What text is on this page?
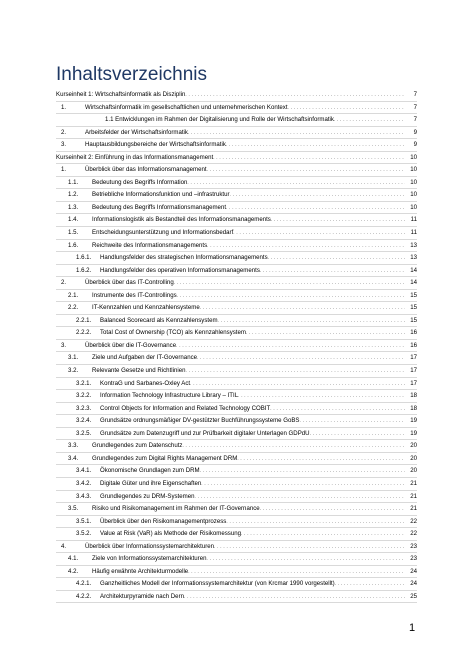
Inhaltsverzeichnis
Kurseinheit 1: Wirtschaftsinformatik als Disziplin . . .	7
1.	Wirtschaftsinformatik im gesellschaftlichen und unternehmerischen Kontext . . .	7
1.1 Entwicklungen im Rahmen der Digitalisierung und Rolle der Wirtschaftsinformatik . . .	7
2.	Arbeitsfelder der Wirtschaftsinformatik . . .	9
3.	Hauptausbildungsbereiche der Wirtschaftsinformatik . . .	9
Kurseinheit 2: Einführung in das Informationsmanagement . . .	10
1.	Überblick über das Informationsmanagement . . .	10
1.1. Bedeutung des Begriffs Information . . .	10
1.2. Betriebliche Informationsfunktion und –infrastruktur . . .	10
1.3. Bedeutung des Begriffs Informationsmanagement . . .	10
1.4. Informationslogistik als Bestandteil des Informationsmanagements . . .	11
1.5. Entscheidungsunterstützung und Informationsbedarf . . .	11
1.6. Reichweite des Informationsmanagements . . .	13
1.6.1. Handlungsfelder des strategischen Informationsmanagements . . .	13
1.6.2. Handlungsfelder des operativen Informationsmanagements . . .	14
2.	Überblick über das IT-Controlling . . .	14
2.1. Instrumente des IT-Controllings . . .	15
2.2. IT-Kennzahlen und Kennzahlensysteme . . .	15
2.2.1. Balanced Scorecard als Kennzahlensystem . . .	15
2.2.2. Total Cost of Ownership (TCO) als Kennzahlensystem . . .	16
3.	Überblick über die IT-Governance . . .	16
3.1. Ziele und Aufgaben der IT-Governance . . .	17
3.2. Relevante Gesetze und Richtlinien . . .	17
3.2.1. KontraG und Sarbanes-Oxley Act . . .	17
3.2.2. Information Technology Infrastructure Library – ITIL . . .	18
3.2.3. Control Objects for Information and Related Technology COBIT . . .	18
3.2.4. Grundsätze ordnungsmäßiger DV-gestützter Buchführungssysteme GoBS . . .	19
3.2.5. Grundsätze zum Datenzugriff und zur Prüfbarkeit digitaler Unterlagen GDPdU . . .	19
3.3. Grundlegendes zum Datenschutz . . .	20
3.4. Grundlegendes zum Digital Rights Management DRM . . .	20
3.4.1. Ökonomische Grundlagen zum DRM . . .	20
3.4.2. Digitale Güter und ihre Eigenschaften . . .	21
3.4.3. Grundlegendes zu DRM-Systemen . . .	21
3.5. Risiko und Risikomanagement im Rahmen der IT-Governance . . .	21
3.5.1. Überblick über den Risikomanagementprozess . . .	22
3.5.2. Value at Risk (VaR) als Methode der Risikomessung . . .	22
4.	Überblick über Informationssystemarchitekturen . . .	23
4.1. Ziele von Informationssystemarchitekturen . . .	23
4.2. Häufig erwähnte Architekturmodelle . . .	24
4.2.1. Ganzheitliches Modell der Informationssystemarchitektur (von Krcmar 1990 vorgestellt) . . .	24
4.2.2. Architekturpyramide nach Dern . . .	25
1
